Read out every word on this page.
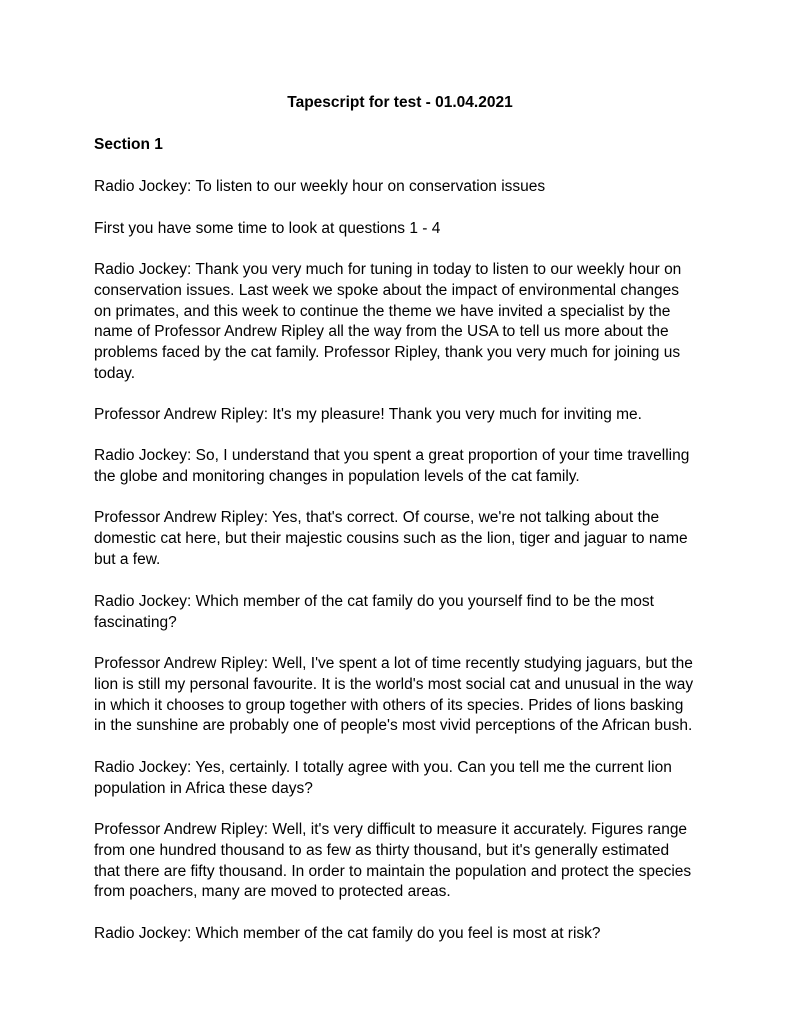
Tapescript for test - 01.04.2021
Section 1

Radio Jockey: To listen to our weekly hour on conservation issues

First you have some time to look at questions 1 - 4

Radio Jockey: Thank you very much for tuning in today to listen to our weekly hour on
conservation issues. Last week we spoke about the impact of environmental changes
on primates, and this week to continue the theme we have invited a specialist by the
name of Professor Andrew Ripley all the way from the USA to tell us more about the
problems faced by the cat family. Professor Ripley, thank you very much for joining us
today.

Professor Andrew Ripley: It's my pleasure! Thank you very much for inviting me.

Radio Jockey: So, I understand that you spent a great proportion of your time travelling
the globe and monitoring changes in population levels of the cat family.

Professor Andrew Ripley: Yes, that's correct. Of course, we're not talking about the
domestic cat here, but their majestic cousins such as the lion, tiger and jaguar to name
but a few.

Radio Jockey: Which member of the cat family do you yourself find to be the most
fascinating?

Professor Andrew Ripley: Well, I've spent a lot of time recently studying jaguars, but the
lion is still my personal favourite. It is the world's most social cat and unusual in the way
in which it chooses to group together with others of its species. Prides of lions basking
in the sunshine are probably one of people's most vivid perceptions of the African bush.

Radio Jockey: Yes, certainly. I totally agree with you. Can you tell me the current lion
population in Africa these days?

Professor Andrew Ripley: Well, it's very difficult to measure it accurately. Figures range
from one hundred thousand to as few as thirty thousand, but it's generally estimated
that there are fifty thousand. In order to maintain the population and protect the species
from poachers, many are moved to protected areas.

Radio Jockey: Which member of the cat family do you feel is most at risk?
